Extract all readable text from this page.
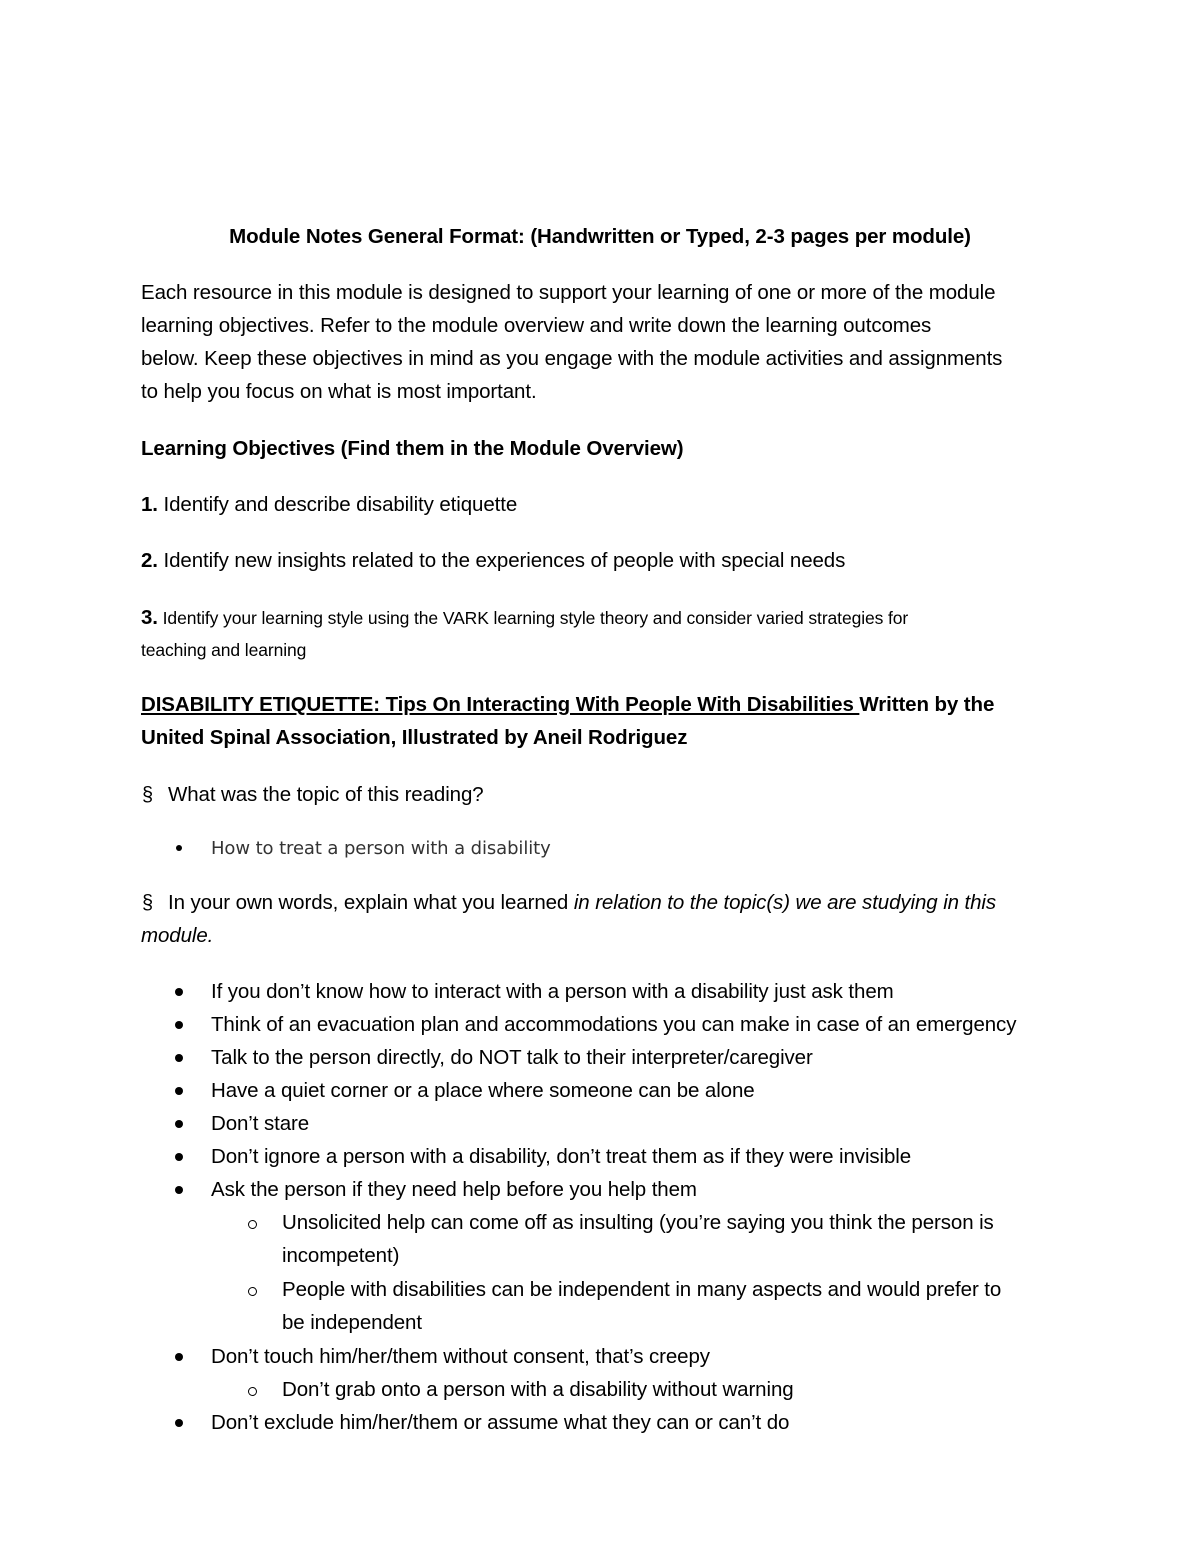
Module Notes General Format: (Handwritten or Typed, 2-3 pages per module)
Each resource in this module is designed to support your learning of one or more of the module
learning objectives. Refer to the module overview and write down the learning outcomes
below. Keep these objectives in mind as you engage with the module activities and assignments
to help you focus on what is most important.
Learning Objectives (Find them in the Module Overview)
1. Identify and describe disability etiquette
2. Identify new insights related to the experiences of people with special needs
3. Identify your learning style using the VARK learning style theory and consider varied strategies for
teaching and learning
DISABILITY ETIQUETTE: Tips On Interacting With People With Disabilities Written by the
United Spinal Association, Illustrated by Aneil Rodriguez
§ What was the topic of this reading?
How to treat a person with a disability
§ In your own words, explain what you learned in relation to the topic(s) we are studying in this
module.
If you don’t know how to interact with a person with a disability just ask them
Think of an evacuation plan and accommodations you can make in case of an emergency
Talk to the person directly, do NOT talk to their interpreter/caregiver
Have a quiet corner or a place where someone can be alone
Don’t stare
Don’t ignore a person with a disability, don’t treat them as if they were invisible
Ask the person if they need help before you help them
Unsolicited help can come off as insulting (you’re saying you think the person is
incompetent)
People with disabilities can be independent in many aspects and would prefer to
be independent
Don’t touch him/her/them without consent, that’s creepy
Don’t grab onto a person with a disability without warning
Don’t exclude him/her/them or assume what they can or can’t do
